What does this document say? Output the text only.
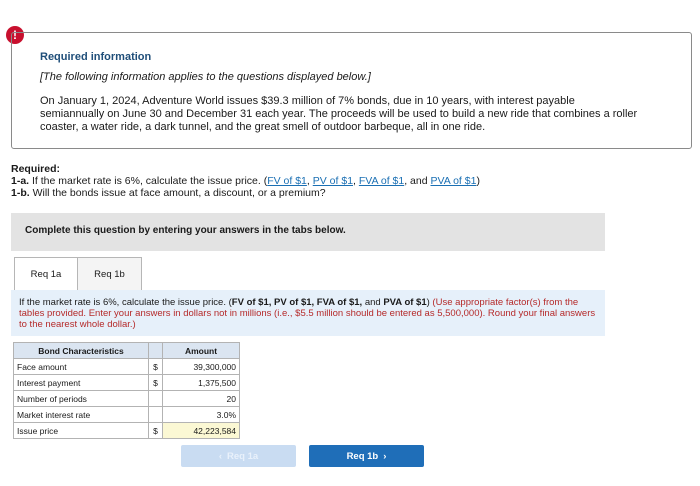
!
Required information
[The following information applies to the questions displayed below.]
On January 1, 2024, Adventure World issues $39.3 million of 7% bonds, due in 10 years, with interest payable semiannually on June 30 and December 31 each year. The proceeds will be used to build a new ride that combines a roller coaster, a water ride, a dark tunnel, and the great smell of outdoor barbeque, all in one ride.
Required:
1-a. If the market rate is 6%, calculate the issue price. (FV of $1, PV of $1, FVA of $1, and PVA of $1)
1-b. Will the bonds issue at face amount, a discount, or a premium?
Complete this question by entering your answers in the tabs below.
Req 1a	Req 1b
If the market rate is 6%, calculate the issue price. (FV of $1, PV of $1, FVA of $1, and PVA of $1) (Use appropriate factor(s) from the tables provided. Enter your answers in dollars not in millions (i.e., $5.5 million should be entered as 5,500,000). Round your final answers to the nearest whole dollar.)
Bond Characteristics		Amount
Face amount	$	39,300,000
Interest payment	$	1,375,500
Number of periods		20
Market interest rate		3.0%
Issue price	$	42,223,584
‹ Req 1a	Req 1b ›
